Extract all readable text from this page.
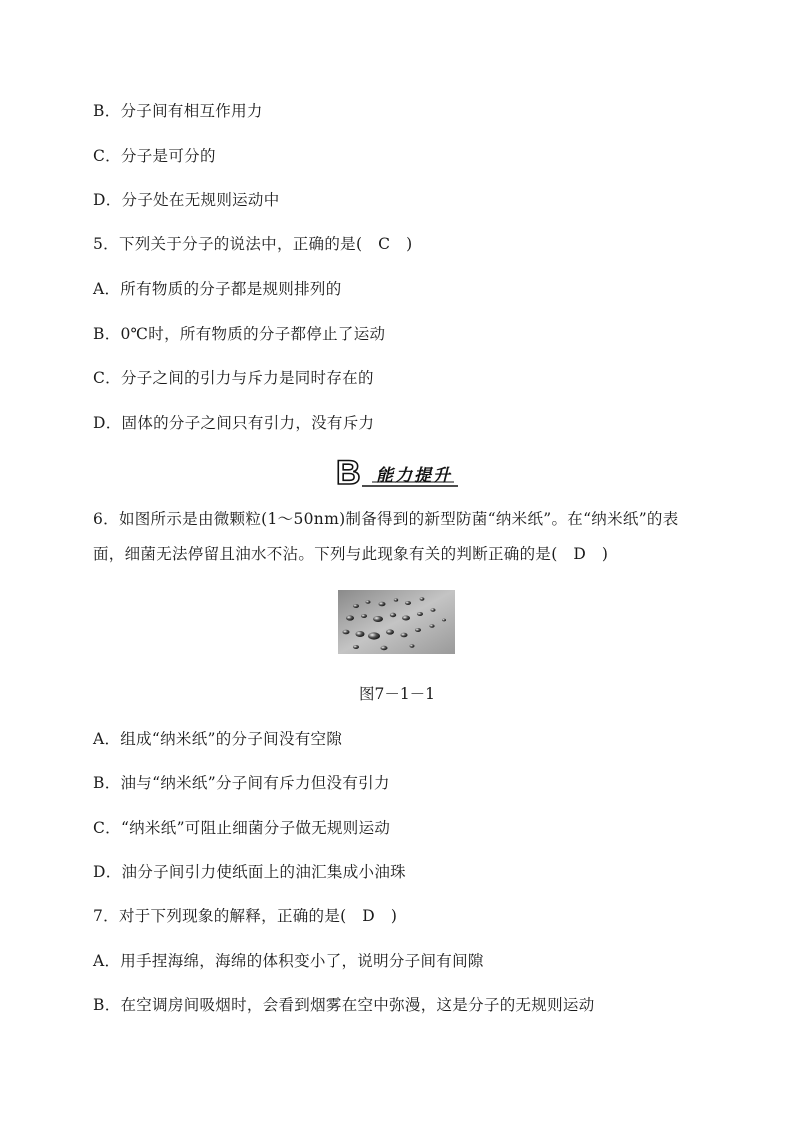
B．分子间有相互作用力
C．分子是可分的
D．分子处在无规则运动中
5．下列关于分子的说法中，正确的是(　C　)
A．所有物质的分子都是规则排列的
B．0℃时，所有物质的分子都停止了运动
C．分子之间的引力与斥力是同时存在的
D．固体的分子之间只有引力，没有斥力
B 能力提升
6．如图所示是由微颗粒(1～50nm)制备得到的新型防菌“纳米纸”。在“纳米纸”的表
面，细菌无法停留且油水不沾。下列与此现象有关的判断正确的是(　D　)
图7－1－1
A．组成“纳米纸”的分子间没有空隙
B．油与“纳米纸”分子间有斥力但没有引力
C．“纳米纸”可阻止细菌分子做无规则运动
D．油分子间引力使纸面上的油汇集成小油珠
7．对于下列现象的解释，正确的是(　D　)
A．用手捏海绵，海绵的体积变小了，说明分子间有间隙
B．在空调房间吸烟时，会看到烟雾在空中弥漫，这是分子的无规则运动
